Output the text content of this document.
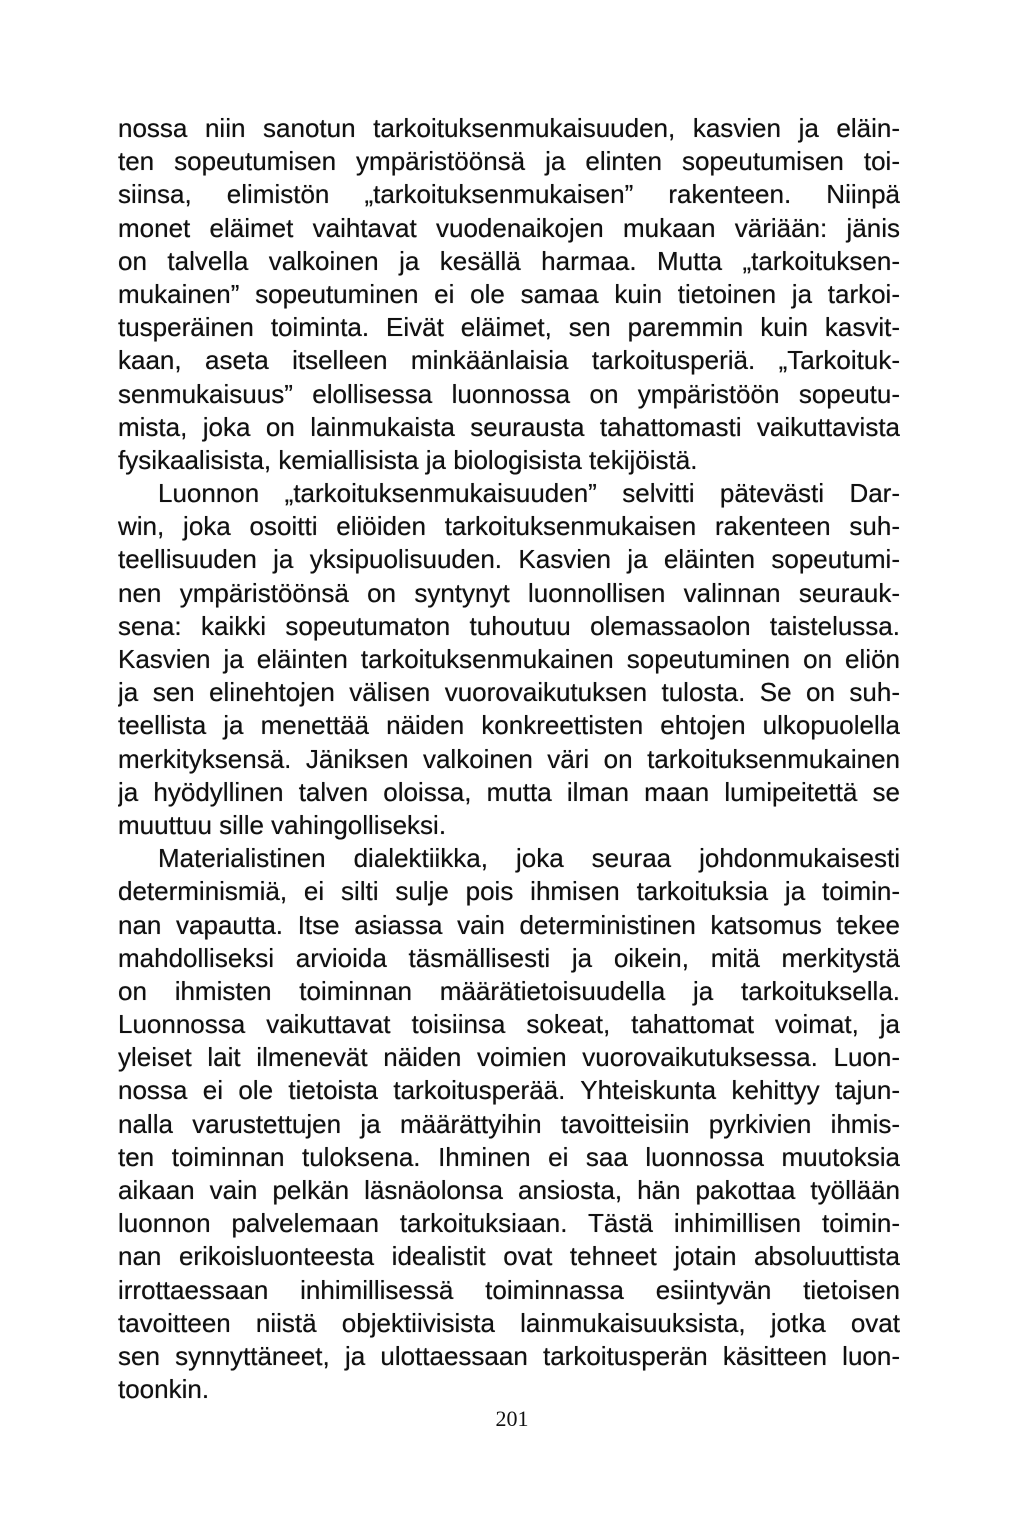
nossa niin sanotun tarkoituksenmukaisuuden, kasvien ja eläin-
ten sopeutumisen ympäristöönsä ja elinten sopeutumisen toi-
siinsa, elimistön „tarkoituksenmukaisen” rakenteen. Niinpä
monet eläimet vaihtavat vuodenaikojen mukaan väriään: jänis
on talvella valkoinen ja kesällä harmaa. Mutta „tarkoituksen-
mukainen” sopeutuminen ei ole samaa kuin tietoinen ja tarkoi-
tusperäinen toiminta. Eivät eläimet, sen paremmin kuin kasvit-
kaan, aseta itselleen minkäänlaisia tarkoitusperiä. „Tarkoituk-
senmukaisuus” elollisessa luonnossa on ympäristöön sopeutu-
mista, joka on lainmukaista seurausta tahattomasti vaikuttavista
fysikaalisista, kemiallisista ja biologisista tekijöistä.
Luonnon „tarkoituksenmukaisuuden” selvitti pätevästi Dar-
win, joka osoitti eliöiden tarkoituksenmukaisen rakenteen suh-
teellisuuden ja yksipuolisuuden. Kasvien ja eläinten sopeutumi-
nen ympäristöönsä on syntynyt luonnollisen valinnan seurauk-
sena: kaikki sopeutumaton tuhoutuu olemassaolon taistelussa.
Kasvien ja eläinten tarkoituksenmukainen sopeutuminen on eliön
ja sen elinehtojen välisen vuorovaikutuksen tulosta. Se on suh-
teellista ja menettää näiden konkreettisten ehtojen ulkopuolella
merkityksensä. Jäniksen valkoinen väri on tarkoituksenmukainen
ja hyödyllinen talven oloissa, mutta ilman maan lumipeitettä se
muuttuu sille vahingolliseksi.
Materialistinen dialektiikka, joka seuraa johdonmukaisesti
determinismiä, ei silti sulje pois ihmisen tarkoituksia ja toimin-
nan vapautta. Itse asiassa vain deterministinen katsomus tekee
mahdolliseksi arvioida täsmällisesti ja oikein, mitä merkitystä
on ihmisten toiminnan määrätietoisuudella ja tarkoituksella.
Luonnossa vaikuttavat toisiinsa sokeat, tahattomat voimat, ja
yleiset lait ilmenevät näiden voimien vuorovaikutuksessa. Luon-
nossa ei ole tietoista tarkoitusperää. Yhteiskunta kehittyy tajun-
nalla varustettujen ja määrättyihin tavoitteisiin pyrkivien ihmis-
ten toiminnan tuloksena. Ihminen ei saa luonnossa muutoksia
aikaan vain pelkän läsnäolonsa ansiosta, hän pakottaa työllään
luonnon palvelemaan tarkoituksiaan. Tästä inhimillisen toimin-
nan erikoisluonteesta idealistit ovat tehneet jotain absoluuttista
irrottaessaan inhimillisessä toiminnassa esiintyvän tietoisen
tavoitteen niistä objektiivisista lainmukaisuuksista, jotka ovat
sen synnyttäneet, ja ulottaessaan tarkoitusperän käsitteen luon-
toonkin.
201
